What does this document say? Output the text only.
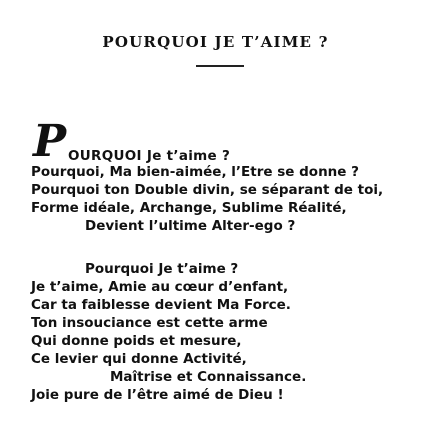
POURQUOI JE T’AIME ?
P OURQUOI Je t’aime ?
Pourquoi, Ma bien-aimée, l’Etre se donne ?
Pourquoi ton Double divin, se séparant de toi,
Forme idéale, Archange, Sublime Réalité,
Devient l’ultime Alter-ego ?
Pourquoi Je t’aime ?
Je t’aime, Amie au cœur d’enfant,
Car ta faiblesse devient Ma Force.
Ton insouciance est cette arme
Qui donne poids et mesure,
Ce levier qui donne Activité,
Maîtrise et Connaissance.
Joie pure de l’être aimé de Dieu !
